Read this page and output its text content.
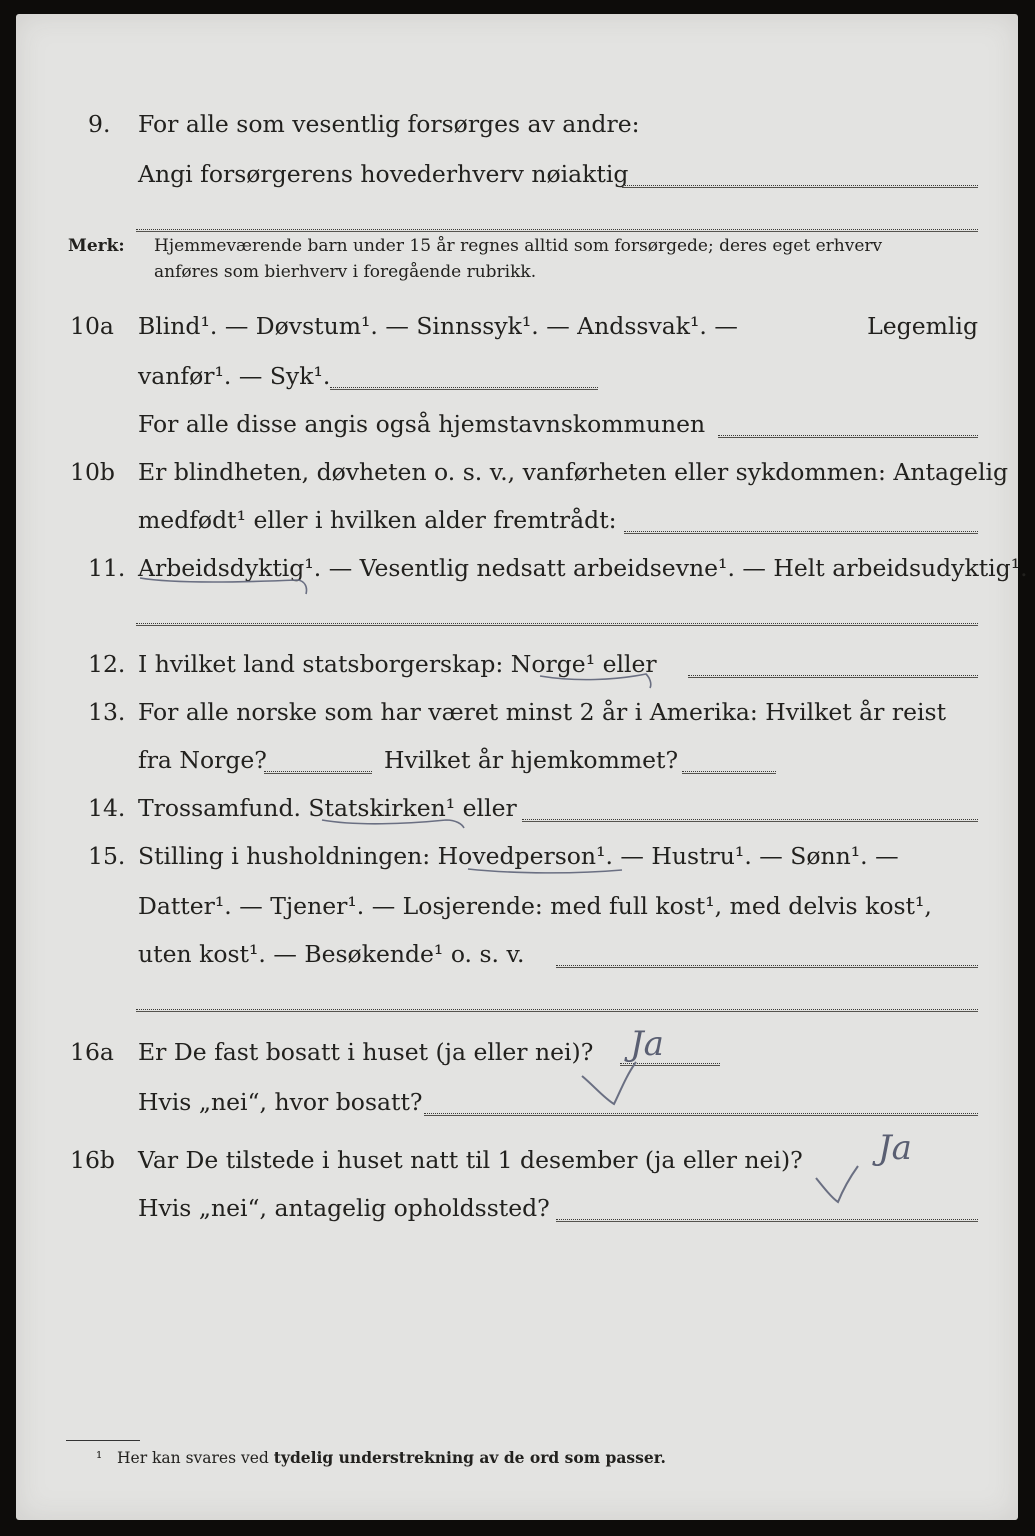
9. For alle som vesentlig forsørges av andre:
Angi forsørgerens hovederhverv nøiaktig
Merk: Hjemmeværende barn under 15 år regnes alltid som forsørgede; deres eget erhverv
anføres som bierhverv i foregående rubrikk.
10a Blind¹. — Døvstum¹. — Sinnssyk¹. — Andssvak¹. —	Legemlig
vanfør¹. — Syk¹.
For alle disse angis også hjemstavnskommunen
10b Er blindheten, døvheten o. s. v., vanførheten eller sykdommen: Antagelig
medfødt¹ eller i hvilken alder fremtrådt:
11. Arbeidsdyktig¹. — Vesentlig nedsatt arbeidsevne¹. — Helt arbeidsudyktig¹.
12. I hvilket land statsborgerskap: Norge¹ eller
13. For alle norske som har været minst 2 år i Amerika: Hvilket år reist
fra Norge?	Hvilket år hjemkommet?
14. Trossamfund. Statskirken¹ eller
15. Stilling i husholdningen: Hovedperson¹. — Hustru¹. — Sønn¹. —
Datter¹. — Tjener¹. — Losjerende: med full kost¹, med delvis kost¹,
uten kost¹. — Besøkende¹ o. s. v.
16a Er De fast bosatt i huset (ja eller nei)? Ja
Hvis „nei“, hvor bosatt?
16b Var De tilstede i huset natt til 1 desember (ja eller nei)? Ja
Hvis „nei“, antagelig opholdssted?
¹ Her kan svares ved tydelig understrekning av de ord som passer.
